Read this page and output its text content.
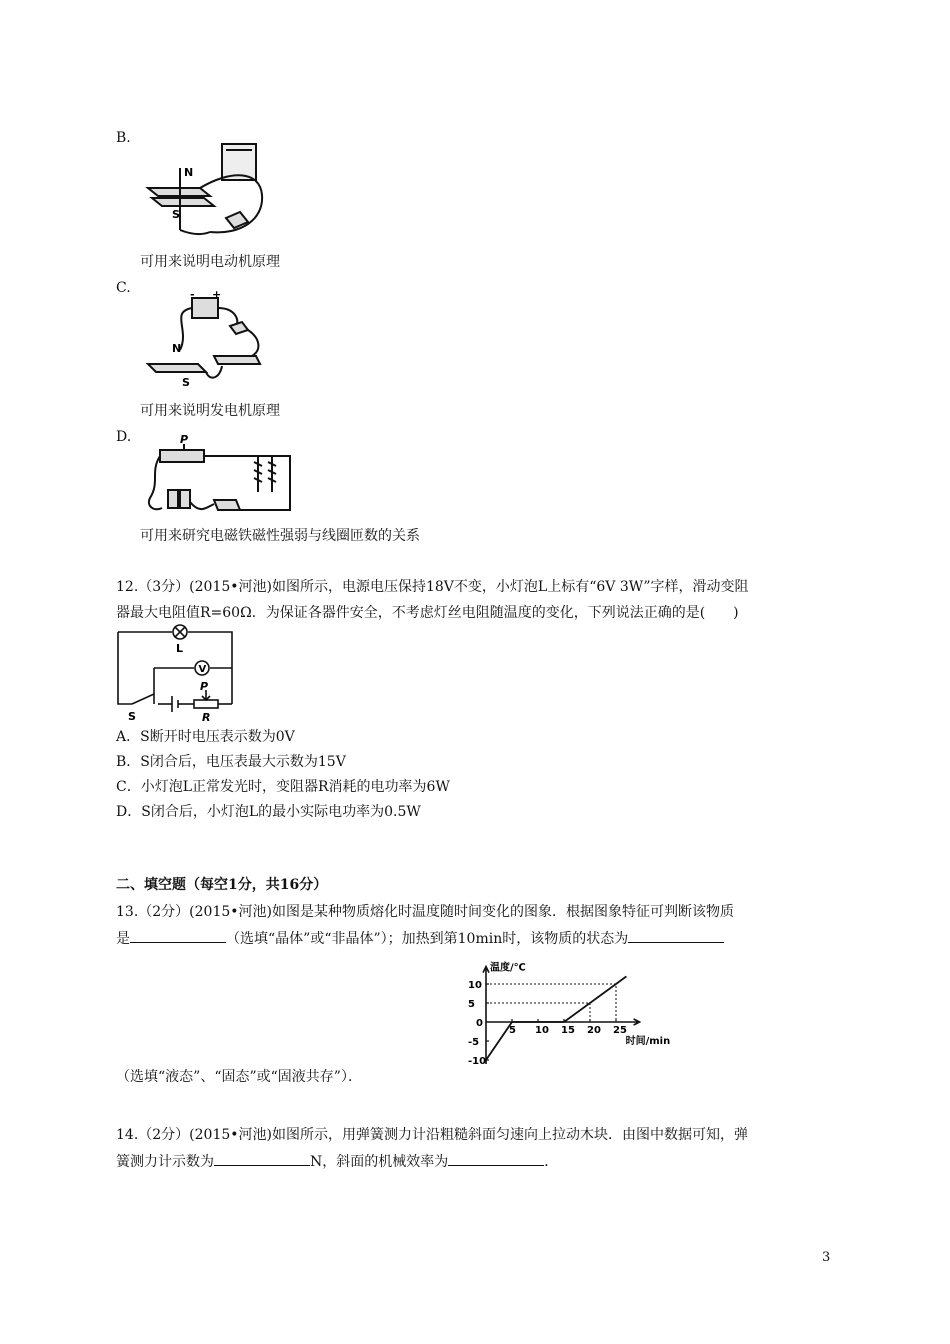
B.
N
S
可用来说明电动机原理
C.	- +
N
S
可用来说明发电机原理
D.	P
可用来研究电磁铁磁性强弱与线圈匝数的关系
12.（3分）(2015•河池)如图所示，电源电压保持18V不变，小灯泡L上标有“6V 3W”字样，滑动变阻
器最大电阻值R=60Ω．为保证各器件安全，不考虑灯丝电阻随温度的变化，下列说法正确的是(　　)
L
V
S
P
R
A．S断开时电压表示数为0V
B．S闭合后，电压表最大示数为15V
C．小灯泡L正常发光时，变阻器R消耗的电功率为6W
D．S闭合后，小灯泡L的最小实际电功率为0.5W
二、填空题（每空1分，共16分）
13.（2分）(2015•河池)如图是某种物质熔化时温度随时间变化的图象．根据图象特征可判断该物质
是	（选填“晶体”或“非晶体”）；加热到第10min时，该物质的状态为
5 10 15 20 25
10
5
-5
-10
温度/℃
时间/min
0
（选填“液态”、“固态”或“固液共存”）．
14.（2分）(2015•河池)如图所示，用弹簧测力计沿粗糙斜面匀速向上拉动木块．由图中数据可知，弹
簧测力计示数为	N，斜面的机械效率为	．
3
